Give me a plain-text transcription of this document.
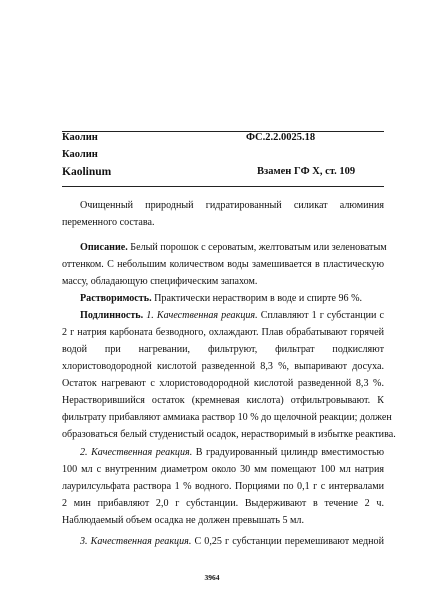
Каолин	ФС.2.2.0025.18
Каолин
Kaolinum	Взамен ГФ X, ст. 109
Очищенный природный гидратированный силикат алюминия
переменного состава.
Описание. Белый порошок с сероватым, желтоватым или зеленоватым
оттенком. С небольшим количеством воды замешивается в пластическую
массу, обладающую специфическим запахом.
Растворимость. Практически нерастворим в воде и спирте 96 %.
Подлинность. 1. Качественная реакция. Сплавляют 1 г субстанции с
2 г натрия карбоната безводного, охлаждают. Плав обрабатывают горячей
водой при нагревании, фильтруют, фильтрат подкисляют
хлористоводородной кислотой разведенной 8,3 %, выпаривают досуха.
Остаток нагревают с хлористоводородной кислотой разведенной 8,3 %.
Нерастворившийся остаток (кремневая кислота) отфильтровывают. К
фильтрату прибавляют аммиака раствор 10 % до щелочной реакции; должен
образоваться белый студенистый осадок, нерастворимый в избытке реактива.
2. Качественная реакция. В градуированный цилиндр вместимостью
100 мл с внутренним диаметром около 30 мм помещают 100 мл натрия
лаурилсульфата раствора 1 % водного. Порциями по 0,1 г с интервалами
2 мин прибавляют 2,0 г субстанции. Выдерживают в течение 2 ч.
Наблюдаемый объем осадка не должен превышать 5 мл.
3. Качественная реакция. С 0,25 г субстанции перемешивают медной
3964
